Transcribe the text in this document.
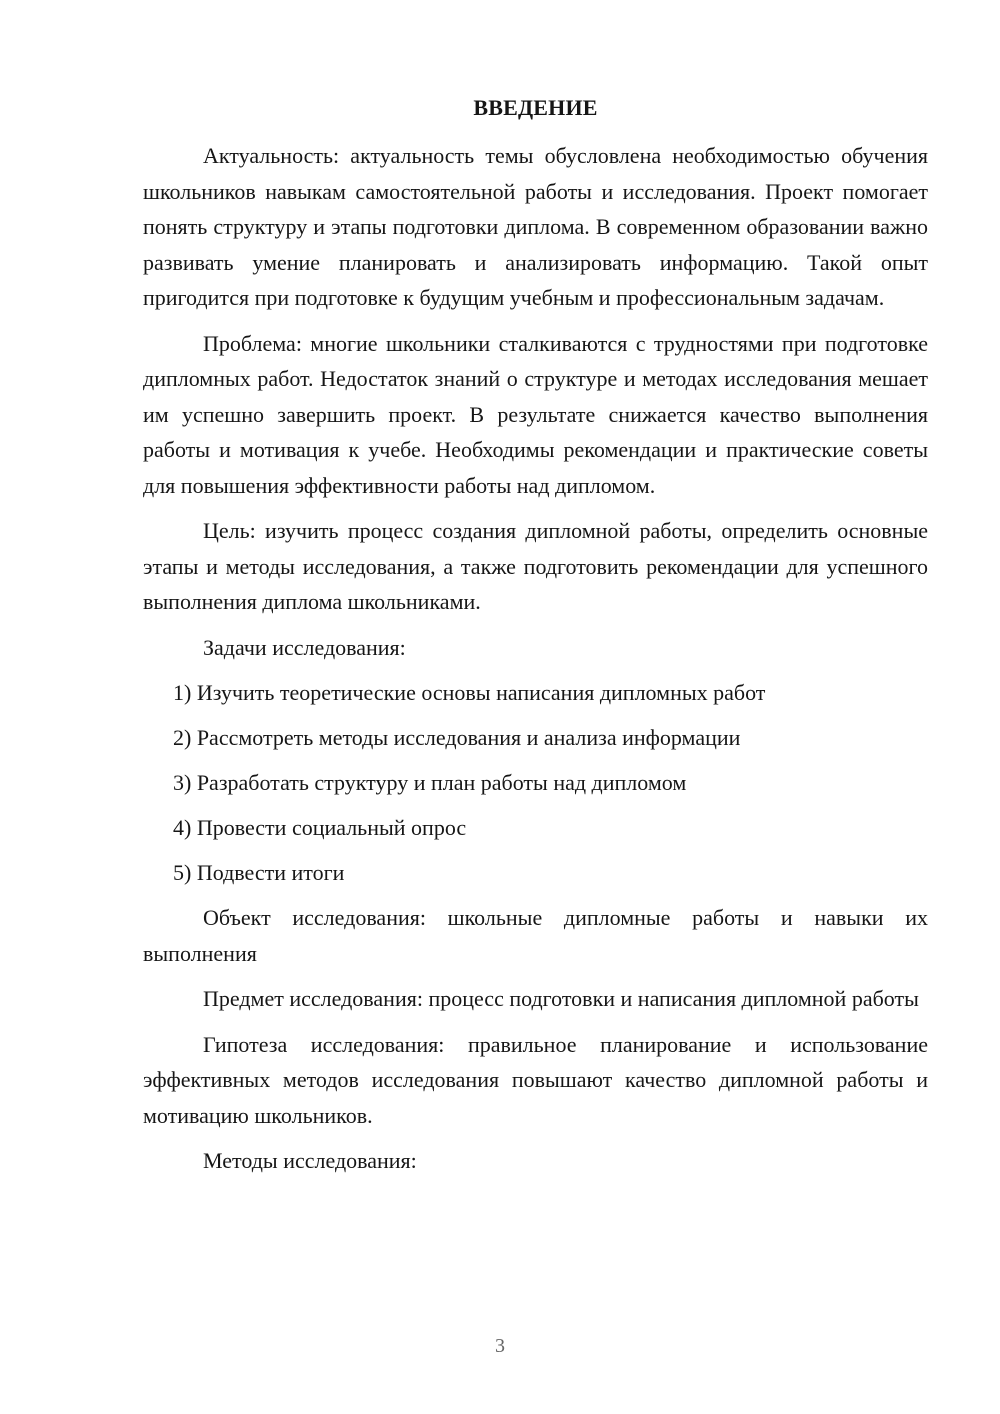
ВВЕДЕНИЕ

Актуальность: актуальность темы обусловлена необходимостью обучения школьников навыкам самостоятельной работы и исследования. Проект помогает понять структуру и этапы подготовки диплома. В современном образовании важно развивать умение планировать и анализировать информацию. Такой опыт пригодится при подготовке к будущим учебным и профессиональным задачам.

Проблема: многие школьники сталкиваются с трудностями при подготовке дипломных работ. Недостаток знаний о структуре и методах исследования мешает им успешно завершить проект. В результате снижается качество выполнения работы и мотивация к учебе. Необходимы рекомендации и практические советы для повышения эффективности работы над дипломом.

Цель: изучить процесс создания дипломной работы, определить основные этапы и методы исследования, а также подготовить рекомендации для успешного выполнения диплома школьниками.

Задачи исследования:

1) Изучить теоретические основы написания дипломных работ
2) Рассмотреть методы исследования и анализа информации
3) Разработать структуру и план работы над дипломом
4) Провести социальный опрос
5) Подвести итоги

Объект исследования: школьные дипломные работы и навыки их выполнения

Предмет исследования: процесс подготовки и написания дипломной работы

Гипотеза исследования: правильное планирование и использование эффективных методов исследования повышают качество дипломной работы и мотивацию школьников.

Методы исследования:

3
